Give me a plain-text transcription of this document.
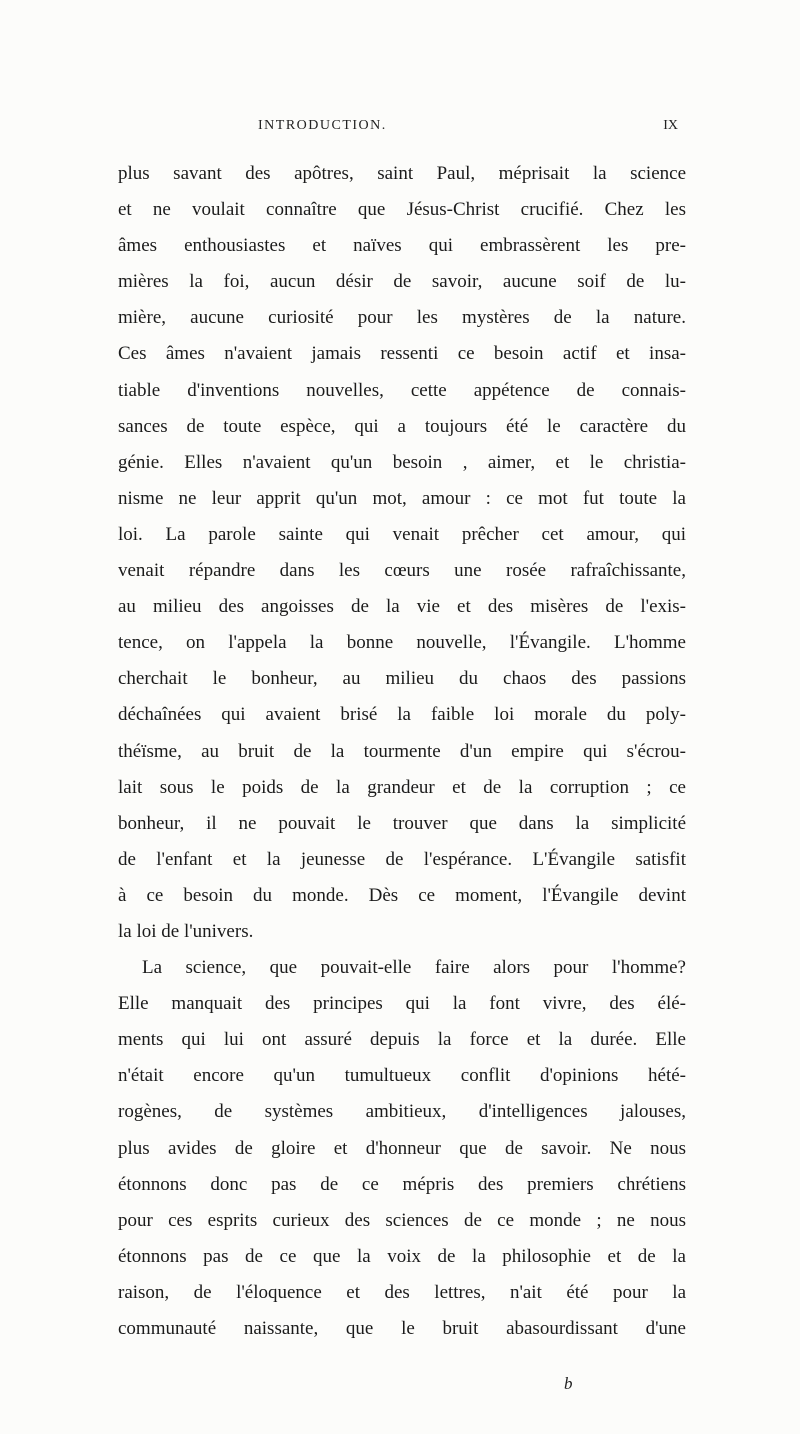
INTRODUCTION.	IX
plus savant des apôtres, saint Paul, méprisait la science
et ne voulait connaître que Jésus-Christ crucifié. Chez les
âmes enthousiastes et naïves qui embrassèrent les pre-
mières la foi, aucun désir de savoir, aucune soif de lu-
mière, aucune curiosité pour les mystères de la nature.
Ces âmes n'avaient jamais ressenti ce besoin actif et insa-
tiable d'inventions nouvelles, cette appétence de connais-
sances de toute espèce, qui a toujours été le caractère du
génie. Elles n'avaient qu'un besoin , aimer, et le christia-
nisme ne leur apprit qu'un mot, amour : ce mot fut toute la
loi. La parole sainte qui venait prêcher cet amour, qui
venait répandre dans les cœurs une rosée rafraîchissante,
au milieu des angoisses de la vie et des misères de l'exis-
tence, on l'appela la bonne nouvelle, l'Évangile. L'homme
cherchait le bonheur, au milieu du chaos des passions
déchaînées qui avaient brisé la faible loi morale du poly-
théïsme, au bruit de la tourmente d'un empire qui s'écrou-
lait sous le poids de la grandeur et de la corruption ; ce
bonheur, il ne pouvait le trouver que dans la simplicité
de l'enfant et la jeunesse de l'espérance. L'Évangile satisfit
à ce besoin du monde. Dès ce moment, l'Évangile devint
la loi de l'univers.
La science, que pouvait-elle faire alors pour l'homme?
Elle manquait des principes qui la font vivre, des élé-
ments qui lui ont assuré depuis la force et la durée. Elle
n'était encore qu'un tumultueux conflit d'opinions hété-
rogènes, de systèmes ambitieux, d'intelligences jalouses,
plus avides de gloire et d'honneur que de savoir. Ne nous
étonnons donc pas de ce mépris des premiers chrétiens
pour ces esprits curieux des sciences de ce monde ; ne nous
étonnons pas de ce que la voix de la philosophie et de la
raison, de l'éloquence et des lettres, n'ait été pour la
communauté naissante, que le bruit abasourdissant d'une
b
